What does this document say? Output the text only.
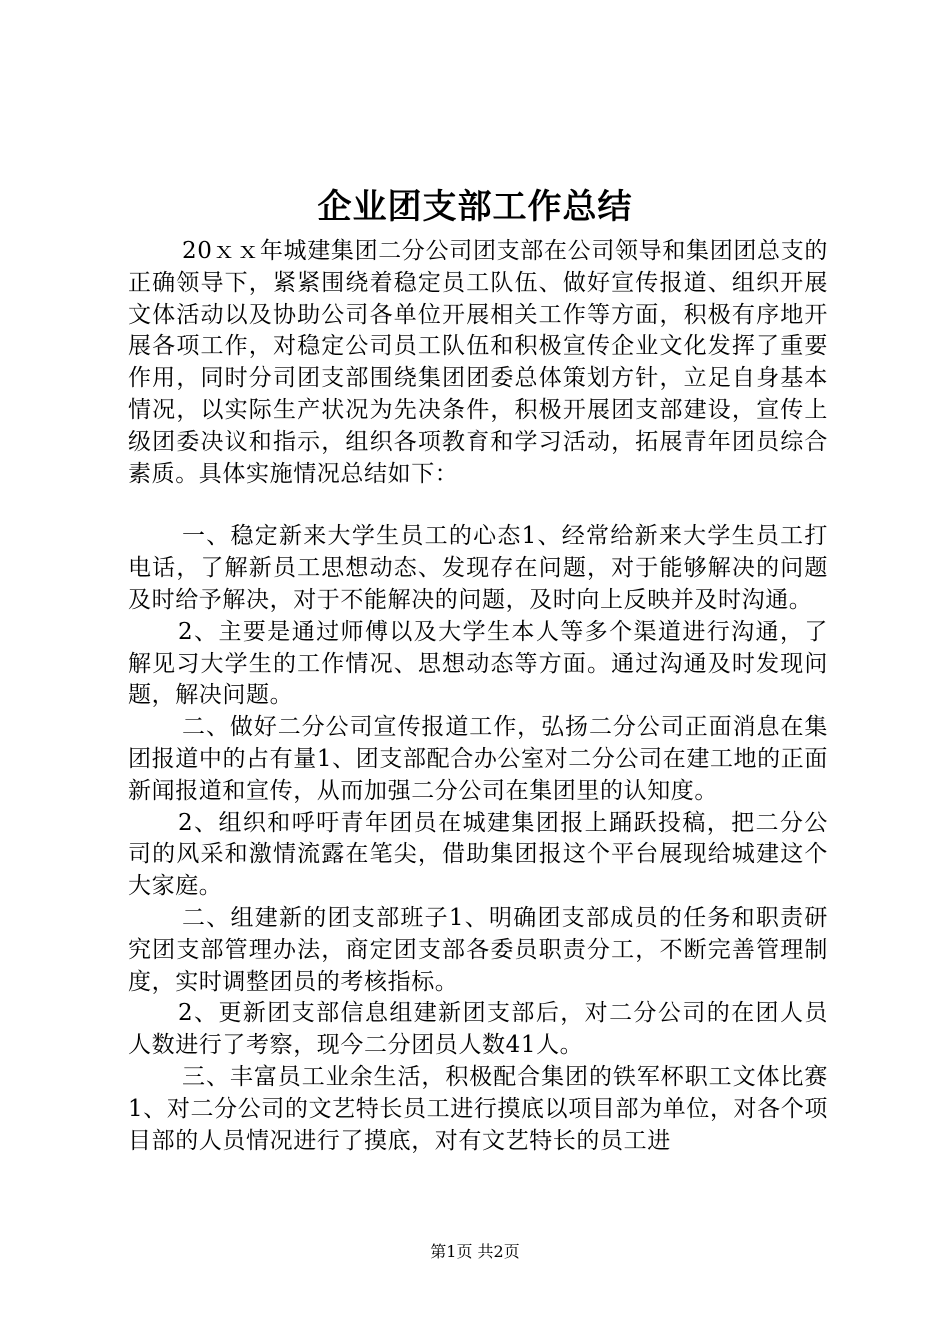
企业团支部工作总结

20ｘｘ年城建集团二分公司团支部在公司领导和集团团总支的正确领导下，紧紧围绕着稳定员工队伍、做好宣传报道、组织开展文体活动以及协助公司各单位开展相关工作等方面，积极有序地开展各项工作，对稳定公司员工队伍和积极宣传企业文化发挥了重要作用，同时分司团支部围绕集团团委总体策划方针，立足自身基本情况，以实际生产状况为先决条件，积极开展团支部建设，宣传上级团委决议和指示，组织各项教育和学习活动，拓展青年团员综合素质。具体实施情况总结如下：

一、稳定新来大学生员工的心态1、经常给新来大学生员工打电话，了解新员工思想动态、发现存在问题，对于能够解决的问题及时给予解决，对于不能解决的问题，及时向上反映并及时沟通。

2、主要是通过师傅以及大学生本人等多个渠道进行沟通，了解见习大学生的工作情况、思想动态等方面。通过沟通及时发现问题，解决问题。

二、做好二分公司宣传报道工作，弘扬二分公司正面消息在集团报道中的占有量1、团支部配合办公室对二分公司在建工地的正面新闻报道和宣传，从而加强二分公司在集团里的认知度。

2、组织和呼吁青年团员在城建集团报上踊跃投稿，把二分公司的风采和激情流露在笔尖，借助集团报这个平台展现给城建这个大家庭。

二、组建新的团支部班子1、明确团支部成员的任务和职责研究团支部管理办法，商定团支部各委员职责分工，不断完善管理制度，实时调整团员的考核指标。

2、更新团支部信息组建新团支部后，对二分公司的在团人员人数进行了考察，现今二分团员人数41人。

三、丰富员工业余生活，积极配合集团的铁军杯职工文体比赛1、对二分公司的文艺特长员工进行摸底以项目部为单位，对各个项目部的人员情况进行了摸底，对有文艺特长的员工进

第1页 共2页
